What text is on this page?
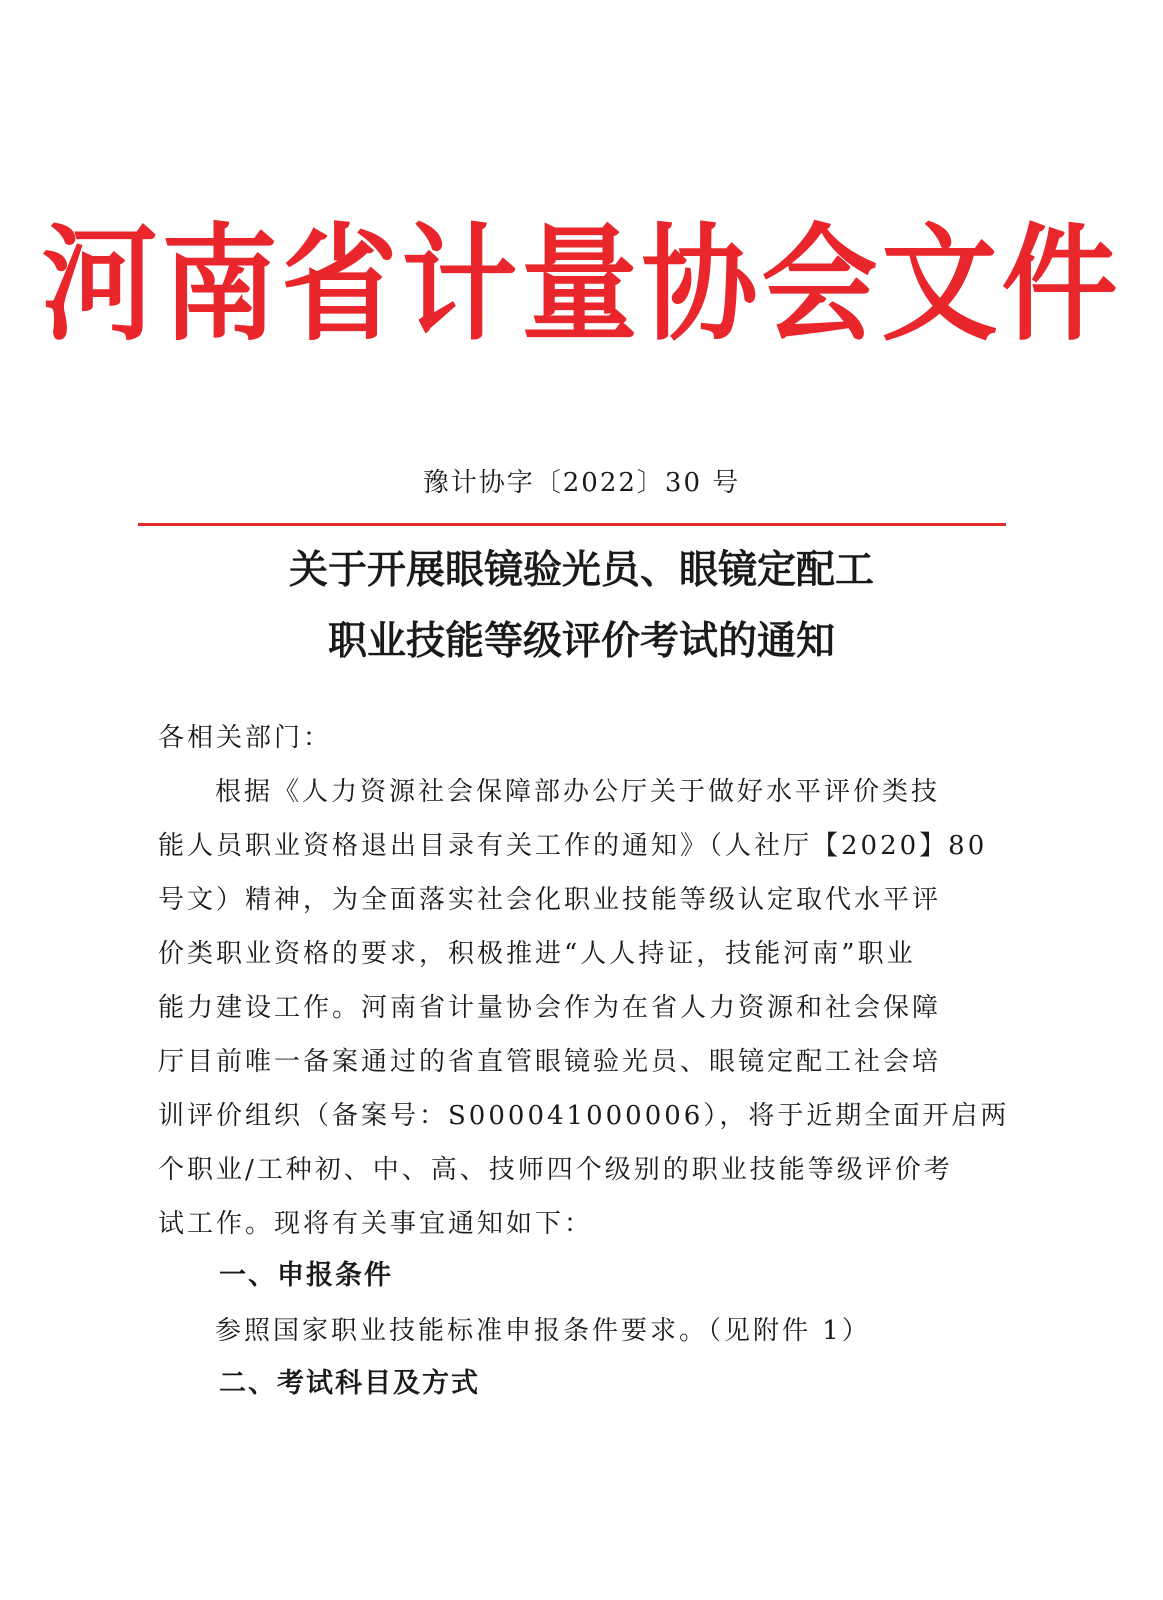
河南省计量协会文件
豫计协字〔2022〕30 号
关于开展眼镜验光员、眼镜定配工
职业技能等级评价考试的通知
各相关部门：
根据《人力资源社会保障部办公厅关于做好水平评价类技
能人员职业资格退出目录有关工作的通知》（人社厅【2020】80
号文）精神，为全面落实社会化职业技能等级认定取代水平评
价类职业资格的要求，积极推进“人人持证，技能河南”职业
能力建设工作。河南省计量协会作为在省人力资源和社会保障
厅目前唯一备案通过的省直管眼镜验光员、眼镜定配工社会培
训评价组织（备案号：S000041000006），将于近期全面开启两
个职业/工种初、中、高、技师四个级别的职业技能等级评价考
试工作。现将有关事宜通知如下：
一、申报条件
参照国家职业技能标准申报条件要求。（见附件 1）
二、考试科目及方式
